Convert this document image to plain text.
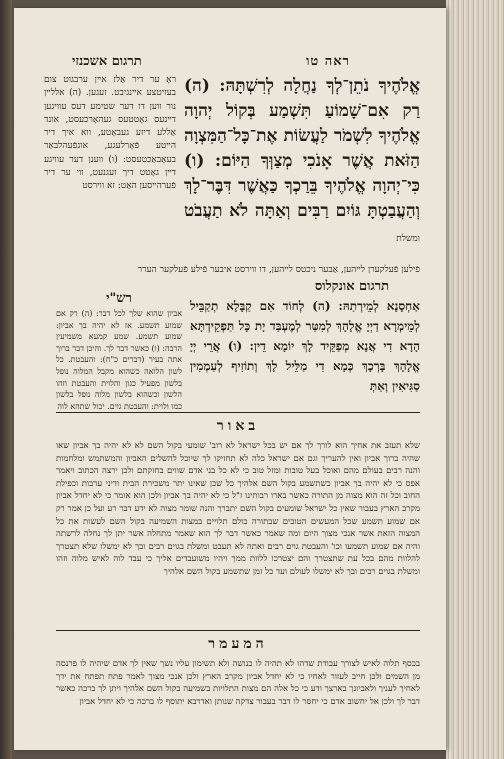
תרגום אשכנזי	ראה טו
אֱלֹהֶיךָ נֹתֵן־לְךָ נַחֲלָה לְרִשְׁתָּהּ: (ה) רַק אִם־שָׁמוֹעַ תִּשְׁמַע בְּקוֹל יְהוָה אֱלֹהֶיךָ לִשְׁמֹר לַעֲשׂוֹת אֶת־כָּל־הַמִּצְוָה הַזֹּאת אֲשֶׁר אָנֹכִי מְצַוְּךָ הַיּוֹם: (ו) כִּי־יְהוָה אֱלֹהֶיךָ בֵּרַכְךָ כַּאֲשֶׁר דִּבֶּר־לָךְ וְהַעֲבַטְתָּ גּוֹיִם רַבִּים וְאַתָּה לֹא תַעֲבֹט ומשלת
ראָ ער דיר אַלז אײן ערבגוט צום בעזיטצע אײנגיבט. זעגען. (ה) אללײן נור ווען דו דער שטימע דעס עוויגען דײנעס גאָטטעס געהאָרכעסט, אונד אַללע דיזע געבאָטע, ווא איך דיר הײטע פֿאָרלעגע, אונפֿעהלבאַר בעאָבאַכטעסט: (ו) ווענן דער עוויגע דײן גאָטט דיך זעגנעט, ווי ער דיר פֿערהײסען האַט: זא ווירסט
פֿילען פֿעלקערן לײהען, אַבער ניכטס לײהען, דו ווירסט איבער פֿילע פֿעלקער הערר
תרגום אונקלוס
אַחְסָנָא לְמֵירְתַהּ: (ה) לְחוֹד אִם קַבָּלָא תְקַבֵּיל לְמֵימְרָא דַיְיָ אֱלָהָךְ לְמִטַּר לְמֶעְבַּד יָת כָּל תַּפְקֵידְתָּא הָדָא דִי אֲנָא מְפַקֵּיד לָךְ יוֹמָא דֵין: (ו) אֲרֵי יְיָ אֱלָהָךְ בָּרְכָךְ כְּמָא דִי מַלֵּיל לָךְ וְתוֹזִיף לְעַמְמִין סַגִּיאִין וְאַתְּ
רש"י
אביון שהוא שלך לכל דבר: (ה) רק אם שמוע תשמע. אז לא יהיה בך אביון: שמוע תשמע. שמע קמעא משמיעין הרבה: (ו) כאשר דבר לך. והיכן דבר ברוך אתה בעיר (דברים כ"ח): והעבטת. כל לשון הלואה כשהוא מקבל המלוה נופל בלשון מפעיל כגון והלוית והעבטת וזהו הלשון וכשהוא בלשון מלוה נופל בלשון כמו ולוית: והעבטת גוים. יכול שתהא לוה
באור
שלא תעזב את אחיך הוא לורך לך אם יש בכל ישראל לא רוב' שומעי בקול השם לא לא יהיה בך אביון שאו שהיה ברוך אביון ואין להעריך וגם אם ישראל כלה לא תחזיקו לך שיוכל להשלים האביון והמשתמש ומלחמות והנה רבים בעולם מהם ואוכל בעל טובות ומזל טוב כי לא כל בני אדם שווים בחזקתם ולכן ירצה הכתוב ויאמר אפס כי לא יהיה בך אביון כשתשמע בקול השם אלהיך כל שכן שאינו יתר משכירת הבית ודיני ערבות וכפילת החוב וכל זה הוא מצוה מן התורה כאשר בארו רבותינו ז"ל כי לא יהיה בך אביון ולכן הוא אומר כי לא יחדל אביון מקרב הארץ בעבור שאין כל ישראל שומעים בקול השם יתברך והנה שומר מצוה לא ידע דבר רע ועל כן אמר רק אם שמוע תשמע שכל המעשים הטובים שבתורה כולם תלויים במצות השמיעה בקול השם לעשות את כל המצוה הזאת אשר אנכי מצוך היום ומה שאמר כאשר דבר לך הוא שאמר מתחלה אשר יתן לך נחלה לרשתה והיה אם שמוע תשמעו וכו' והעבטת גוים רבים ואתה לא תעבט ומשלת בגוים רבים ובך לא ימשלו שלא תצטרך להלוות מהם בכל עת שתצטרך והם יצטרכו ללוות ממך ויהיו משועבדים אליך כי עבד לוה לאיש מלוה וזהו ומשלת בגוים רבים ובך לא ימשלו לעולם ועד כל זמן שתשמע בקול השם אלהיך
המעמר
בכסף תלוה לאיש לצורך עבודת שדהו לא תהיה לו כנושה ולא תשימון עליו נשך שאין לך אדם שיהיה לו פרנסה מן השמים ולכן חייב לעזור לאחיו כי לא יחדל אביון מקרב הארץ ולכן אנכי מצוך לאמר פתח תפתח את ידך לאחיך לעניך ולאביונך בארצך ודע כי כל אלה הם מצות התלויות בשמיעה בקול השם אלהיך ויתן לך ברכה כאשר דבר לך ולכן אל יחשוב אדם כי יחסר לו דבר בעבור צדקה שנותן ואדרבא יתוסף לו ברכה כי לא יחדל אביון
